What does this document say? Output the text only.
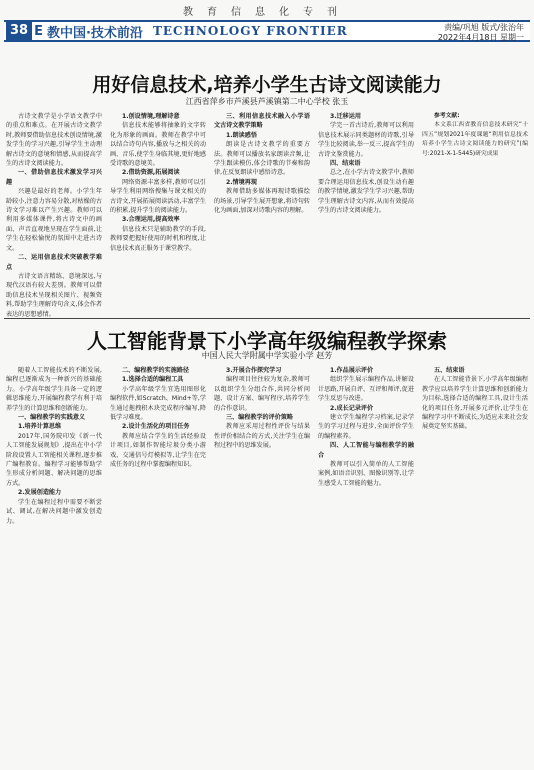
教育信息化专刊
38 E 教中国·技术前沿 TECHNOLOGY FRONTIER	责编/巩旭 版式/张治年
2022年4月18日 星期一
用好信息技术,培养小学生古诗文阅读能力
江西省萍乡市芦溪县芦溪镇第二中心学校 张玉

古诗文教学是小学语文教学中的重点和难点。在开展古诗文教学时,教师要借助信息技术创设情境,激发学生的学习兴趣,引导学生主动理解古诗文的意境和情感,从而提高学生的古诗文阅读能力。

一、借助信息技术激发学习兴趣

兴趣是最好的老师。小学生年龄较小,注意力容易分散,对枯燥的古诗文学习难以产生兴趣。教师可以利用多媒体课件,将古诗文中的画面、声音直观地呈现在学生面前,让学生在轻松愉悦的氛围中走进古诗文。

二、运用信息技术突破教学难点

古诗文语言精练、意境深远,与现代汉语有较大差别。教师可以借助信息技术呈现相关图片、视频资料,帮助学生理解诗句含义,体会作者表达的思想感情。

1.创设情境,理解诗意

信息技术能够将抽象的文字转化为形象的画面。教师在教学中可以结合诗句内容,播放与之相关的动画、音乐,使学生身临其境,更好地感受诗歌的意境美。

2.借助资源,拓展阅读

网络资源丰富多样,教师可以引导学生利用网络搜集与课文相关的古诗文,开展拓展阅读活动,丰富学生的积累,提升学生的阅读能力。

3.合理运用,提高效率

信息技术只是辅助教学的手段,教师要把握好使用的时机和程度,让信息技术真正服务于课堂教学。

三、利用信息技术融入小学语文古诗文教学策略

1.朗读感悟

朗读是古诗文教学的重要方法。教师可以播放名家朗读音频,让学生跟读模仿,体会诗歌的节奏和韵律,在反复朗读中感悟诗意。

2.情境再现

教师借助多媒体再现诗歌描绘的场景,引导学生展开想象,将诗句转化为画面,加深对诗歌内容的理解。

3.迁移运用

学完一首古诗后,教师可以利用信息技术展示同类题材的诗歌,引导学生比较阅读,举一反三,提高学生的古诗文鉴赏能力。

四、结束语

总之,在小学古诗文教学中,教师要合理运用信息技术,创设生动有趣的教学情境,激发学生学习兴趣,帮助学生理解古诗文内容,从而有效提高学生的古诗文阅读能力。

参考文献:

本文系江西省教育信息技术研究“十四五”规划2021年度课题“利用信息技术培养小学生古诗文阅读能力的研究”(编号:2021-X-1-5445)研究成果

人工智能背景下小学高年级编程教学探索
中国人民大学附属中学实验小学 赵芳

随着人工智能技术的不断发展,编程已逐渐成为一种新兴的基础能力。小学高年级学生具备一定的逻辑思维能力,开展编程教学有利于培养学生的计算思维和创新能力。

一、编程教学的实践意义

1.培养计算思维

2017年,国务院印发《新一代人工智能发展规划》,提出在中小学阶段设置人工智能相关课程,逐步推广编程教育。编程学习能够帮助学生形成分析问题、解决问题的思维方式。

2.发展创造能力

学生在编程过程中需要不断尝试、调试,在解决问题中激发创造力。

二、编程教学的实施路径

1.选择合适的编程工具

小学高年级学生宜选用图形化编程软件,如Scratch、Mind+等,学生通过拖拽积木块完成程序编写,降低学习难度。

2.设计生活化的项目任务

教师应结合学生的生活经验设计项目,如制作智能垃圾分类小游戏、交通信号灯模拟等,让学生在完成任务的过程中掌握编程知识。

3.开展合作探究学习

编程项目往往较为复杂,教师可以组织学生分组合作,共同分析问题、设计方案、编写程序,培养学生的合作意识。

三、编程教学的评价策略

教师应采用过程性评价与结果性评价相结合的方式,关注学生在编程过程中的思维发展。

1.作品展示评价

组织学生展示编程作品,讲解设计思路,开展自评、互评和师评,促进学生反思与改进。

2.成长记录评价

建立学生编程学习档案,记录学生的学习过程与进步,全面评价学生的编程素养。

四、人工智能与编程教学的融合

教师可以引入简单的人工智能案例,如语音识别、图像识别等,让学生感受人工智能的魅力。

五、结束语

在人工智能背景下,小学高年级编程教学应以培养学生计算思维和创新能力为目标,选择合适的编程工具,设计生活化的项目任务,开展多元评价,让学生在编程学习中不断成长,为适应未来社会发展奠定坚实基础。
